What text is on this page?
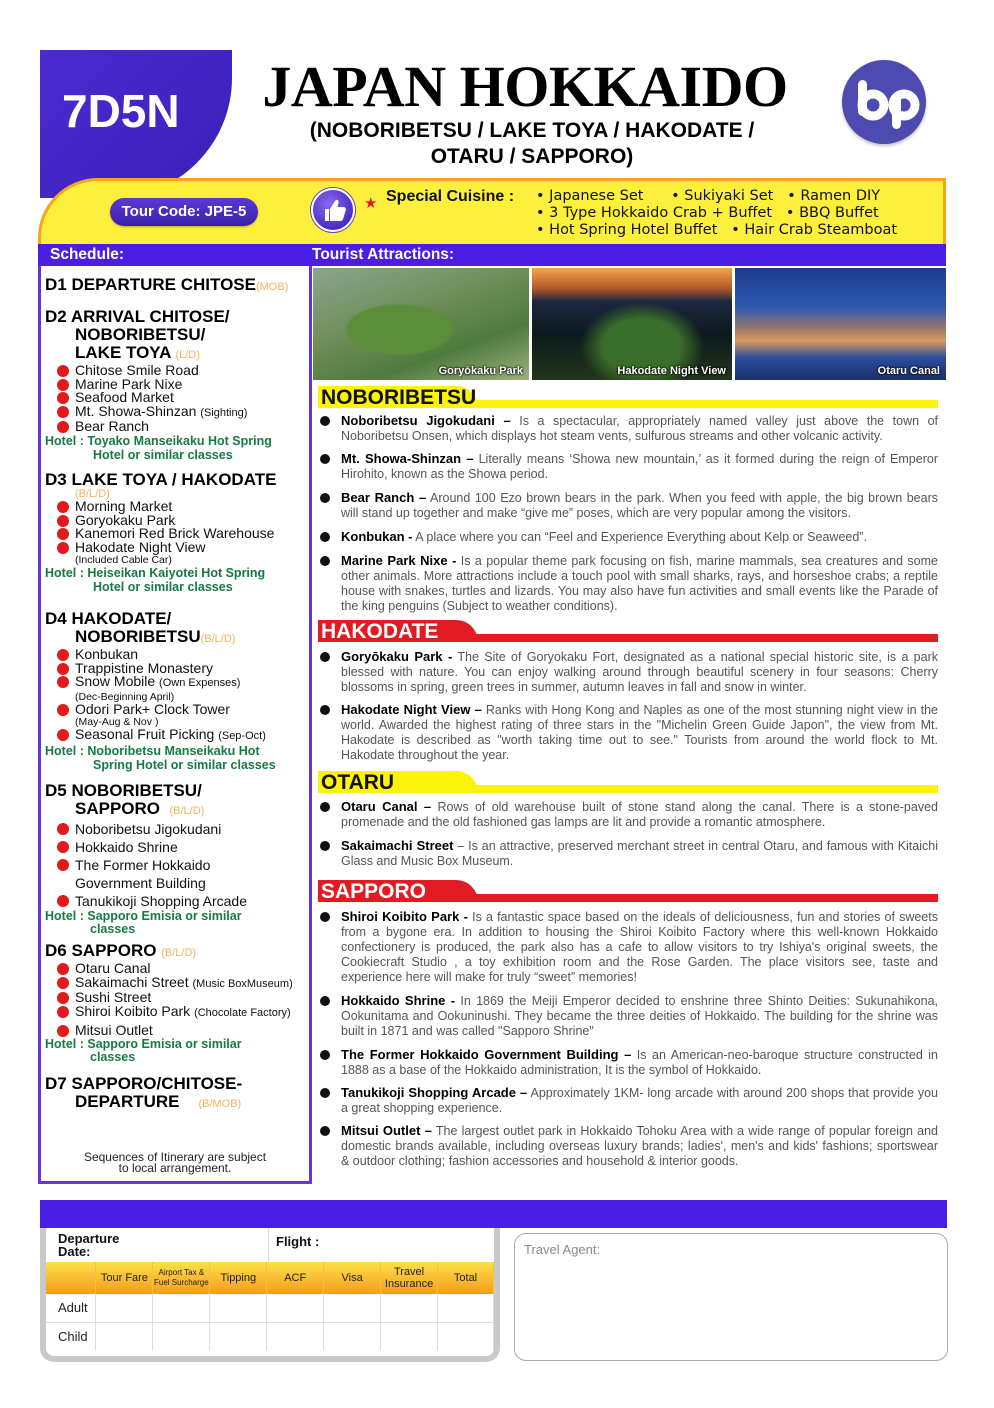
7D5N JAPAN HOKKAIDO
(NOBORIBETSU / LAKE TOYA / HAKODATE /
OTARU / SAPPORO)
Tour Code: JPE-5	★ Special Cuisine : • Japanese Set      • Sukiyaki Set   • Ramen DIY
• 3 Type Hokkaido Crab + Buffet   • BBQ Buffet
• Hot Spring Hotel Buffet   • Hair Crab Steamboat
Schedule:	Tourist Attractions:
D1 DEPARTURE CHITOSE(MOB)
D2 ARRIVAL CHITOSE/
NOBORIBETSU/
LAKE TOYA (L/D)
Chitose Smile Road
Marine Park Nixe
Seafood Market
Mt. Showa-Shinzan (Sighting)
Bear Ranch
Hotel : Toyako Manseikaku Hot Spring
Hotel or similar classes
D3 LAKE TOYA / HAKODATE
(B/L/D)
Morning Market
Goryokaku Park
Kanemori Red Brick Warehouse
Hakodate Night View
(Included Cable Car)
Hotel : Heiseikan Kaiyotei Hot Spring
Hotel or similar classes
D4 HAKODATE/
NOBORIBETSU(B/L/D)
Konbukan
Trappistine Monastery
Snow Mobile (Own Expenses)
(Dec-Beginning April)
Odori Park+ Clock Tower
(May-Aug & Nov )
Seasonal Fruit Picking (Sep-Oct)
Hotel : Noboribetsu Manseikaku Hot
Spring Hotel or similar classes
D5 NOBORIBETSU/
SAPPORO (B/L/D)
Noboribetsu Jigokudani
Hokkaido Shrine
The Former Hokkaido
Government Building
Tanukikoji Shopping Arcade
Hotel : Sapporo Emisia or similar
classes
D6 SAPPORO (B/L/D)
Otaru Canal
Sakaimachi Street (Music BoxMuseum)
Sushi Street
Shiroi Koibito Park (Chocolate Factory)
Mitsui Outlet
Hotel : Sapporo Emisia or similar
classes
D7 SAPPORO/CHITOSE-
DEPARTURE (B/MOB)
Sequences of Itinerary are subject
to local arrangement.
Goryōkaku Park	Hakodate Night View	Otaru Canal
NOBORIBETSU
Noboribetsu Jigokudani – Is a spectacular, appropriately named valley just above the town of Noboribetsu Onsen, which displays hot steam vents, sulfurous streams and other volcanic activity.
Mt. Showa-Shinzan – Literally means ‘Showa new mountain,’ as it formed during the reign of Emperor Hirohito, known as the Showa period.
Bear Ranch – Around 100 Ezo brown bears in the park. When you feed with apple, the big brown bears will stand up together and make “give me” poses, which are very popular among the visitors.
Konbukan - A place where you can “Feel and Experience Everything about Kelp or Seaweed”.
Marine Park Nixe - Is a popular theme park focusing on fish, marine mammals, sea creatures and some other animals. More attractions include a touch pool with small sharks, rays, and horseshoe crabs; a reptile house with snakes, turtles and lizards. You may also have fun activities and small events like the Parade of the king penguins (Subject to weather conditions).
HAKODATE
Goryōkaku Park - The Site of Goryokaku Fort, designated as a national special historic site, is a park blessed with nature. You can enjoy walking around through beautiful scenery in four seasons: Cherry blossoms in spring, green trees in summer, autumn leaves in fall and snow in winter.
Hakodate Night View – Ranks with Hong Kong and Naples as one of the most stunning night view in the world. Awarded the highest rating of three stars in the "Michelin Green Guide Japon", the view from Mt. Hakodate is described as "worth taking time out to see." Tourists from around the world flock to Mt. Hakodate throughout the year.
OTARU
Otaru Canal – Rows of old warehouse built of stone stand along the canal. There is a stone-paved promenade and the old fashioned gas lamps are lit and provide a romantic atmosphere.
Sakaimachi Street – Is an attractive, preserved merchant street in central Otaru, and famous with Kitaichi Glass and Music Box Museum.
SAPPORO
Shiroi Koibito Park - Is a fantastic space based on the ideals of deliciousness, fun and stories of sweets from a bygone era. In addition to housing the Shiroi Koibito Factory where this well-known Hokkaido confectionery is produced, the park also has a cafe to allow visitors to try Ishiya's original sweets, the Cookiecraft Studio , a toy exhibition room and the Rose Garden. The place visitors see, taste and experience here will make for truly “sweet” memories!
Hokkaido Shrine - In 1869 the Meiji Emperor decided to enshrine three Shinto Deities: Sukunahikona, Ookunitama and Ookuninushi. They became the three deities of Hokkaido. The building for the shrine was built in 1871 and was called "Sapporo Shrine"
The Former Hokkaido Government Building – Is an American-neo-baroque structure constructed in 1888 as a base of the Hokkaido administration, It is the symbol of Hokkaido.
Tanukikoji Shopping Arcade – Approximately 1KM- long arcade with around 200 shops that provide you a great shopping experience.
Mitsui Outlet – The largest outlet park in Hokkaido Tohoku Area with a wide range of popular foreign and domestic brands available, including overseas luxury brands; ladies', men's and kids' fashions; sportswear & outdoor clothing; fashion accessories and household & interior goods.
Departure Date:
Flight :
	Tour Fare	Airport Tax & Fuel Surcharge	Tipping	ACF	Visa	Travel Insurance	Total
Adult							
Child							
Travel Agent:
